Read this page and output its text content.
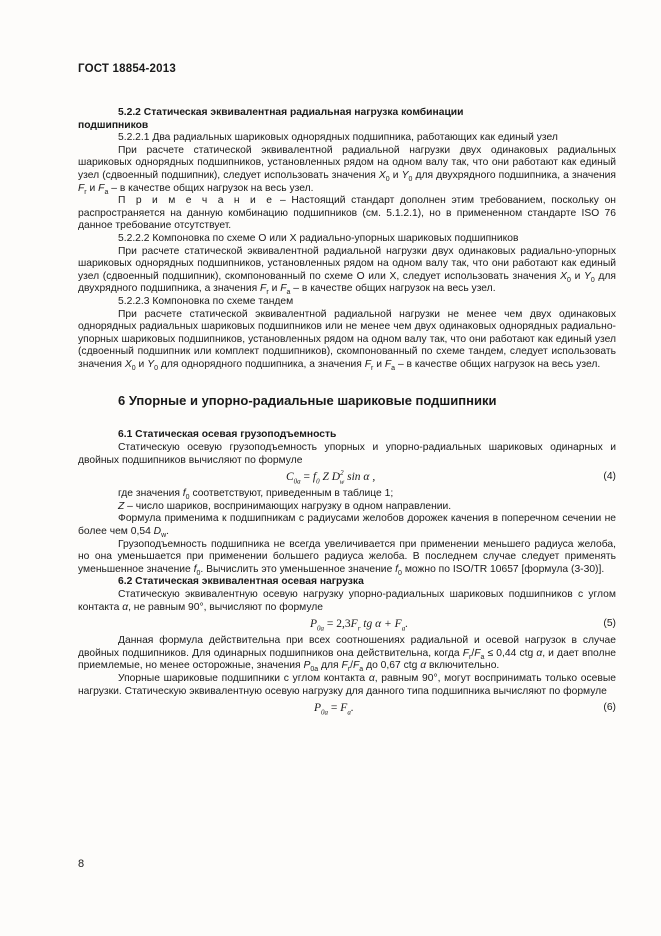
ГОСТ 18854-2013

5.2.2 Статическая эквивалентная радиальная нагрузка комбинации

подшипников

5.2.2.1 Два радиальных шариковых однорядных подшипника, работающих как единый узел

При расчете статической эквивалентной радиальной нагрузки двух одинаковых радиальных шариковых однорядных подшипников, установленных рядом на одном валу так, что они работают как единый узел (сдвоенный подшипник), следует использовать значения $X_0$ и $Y_0$ для двухрядного подшипника, а значения $F_r$ и $F_a$ – в качестве общих нагрузок на весь узел.

П р и м е ч а н и е – Настоящий стандарт дополнен этим требованием, поскольку он распространяется на данную комбинацию подшипников (см. 5.1.2.1), но в примененном стандарте ISO 76 данное требование отсутствует.

5.2.2.2 Компоновка по схеме O или X радиально-упорных шариковых подшипников

При расчете статической эквивалентной радиальной нагрузки двух одинаковых радиально-упорных шариковых однорядных подшипников, установленных рядом на одном валу так, что они работают как единый узел (сдвоенный подшипник), скомпонованный по схеме O или X, следует использовать значения $X_0$ и $Y_0$ для двухрядного подшипника, а значения $F_r$ и $F_a$ – в качестве общих нагрузок на весь узел.

5.2.2.3 Компоновка по схеме тандем

При расчете статической эквивалентной радиальной нагрузки не менее чем двух одинаковых однорядных радиальных шариковых подшипников или не менее чем двух одинаковых однорядных радиально-упорных шариковых подшипников, установленных рядом на одном валу так, что они работают как единый узел (сдвоенный подшипник или комплект подшипников), скомпонованный по схеме тандем, следует использовать значения $X_0$ и $Y_0$ для однорядного подшипника, а значения $F_r$ и $F_a$ – в качестве общих нагрузок на весь узел.

6 Упорные и упорно-радиальные шариковые подшипники

6.1 Статическая осевая грузоподъемность

Статическую осевую грузоподъемность упорных и упорно-радиальных шариковых одинарных и двойных подшипников вычисляют по формуле

$C_{0a} = f_0$ Z $D^2_w$ sin α ,	(4)

где значения $f_0$ соответствуют, приведенным в таблице 1;

Z – число шариков, воспринимающих нагрузку в одном направлении.

Формула применима к подшипникам с радиусами желобов дорожек качения в поперечном сечении не более чем 0,54 $D_w$.

Грузоподъемность подшипника не всегда увеличивается при применении меньшего радиуса желоба, но она уменьшается при применении большего радиуса желоба. В последнем случае следует применять уменьшенное значение $f_0$. Вычислить это уменьшенное значение $f_0$ можно по ISO/TR 10657 [формула (3-30)].

6.2 Статическая эквивалентная осевая нагрузка

Статическую эквивалентную осевую нагрузку упорно-радиальных шариковых подшипников с углом контакта α, не равным 90°, вычисляют по формуле

$P_{0a} = 2,3F_r$ tg $\alpha + F_a$.	(5)

Данная формула действительна при всех соотношениях радиальной и осевой нагрузок в случае двойных подшипников. Для одинарных подшипников она действительна, когда $F_r/F_a \le 0,44$ ctg α, и дает вполне приемлемые, но менее осторожные, значения $P_{0a}$ для $F_r/F_a$ до 0,67 ctg α включительно.

Упорные шариковые подшипники с углом контакта α, равным 90°, могут воспринимать только осевые нагрузки. Статическую эквивалентную осевую нагрузку для данного типа подшипника вычисляют по формуле

$P_{0a} = F_a$.	(6)
8
